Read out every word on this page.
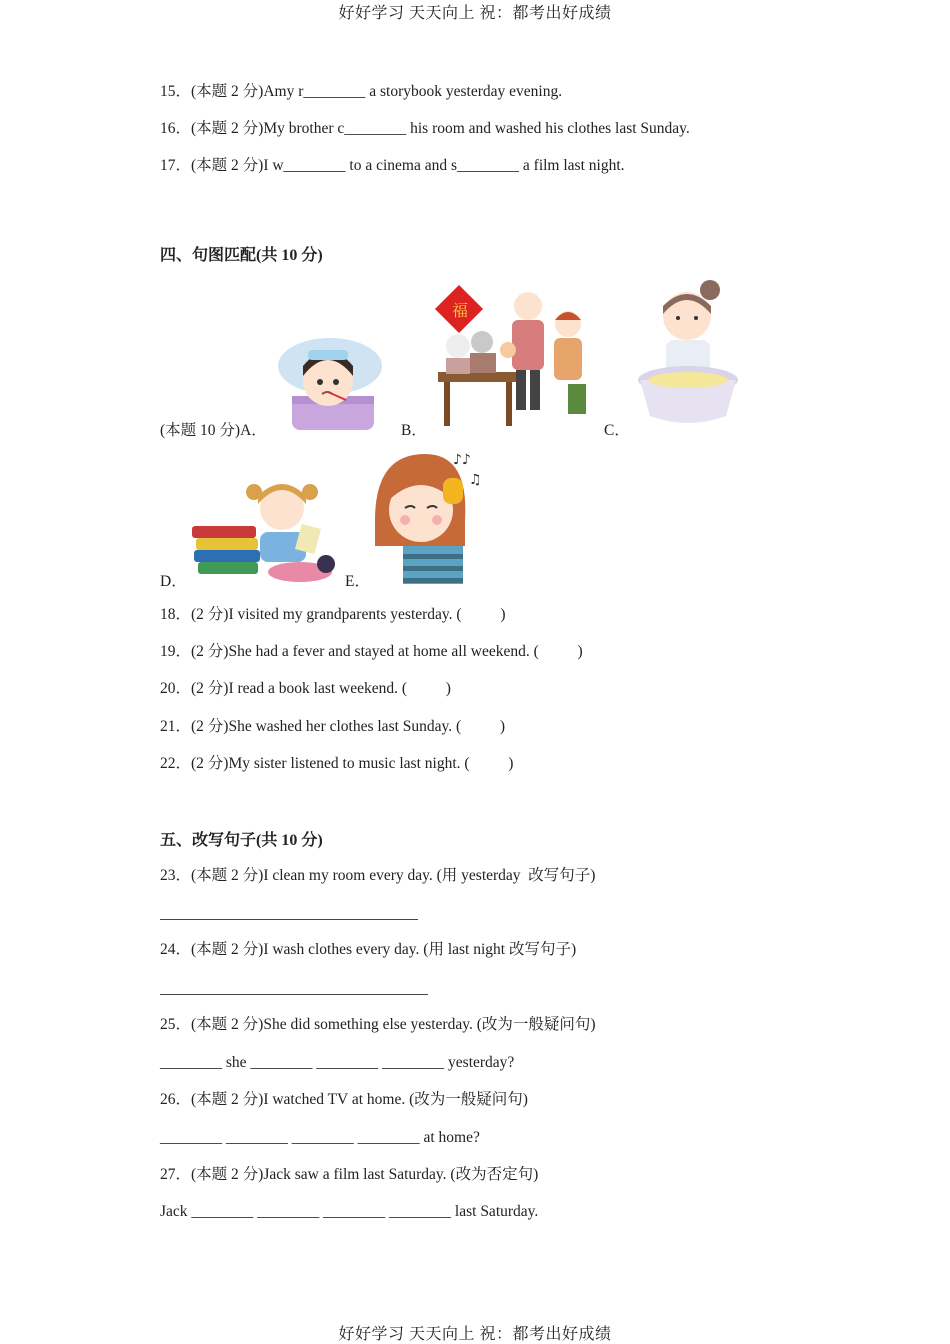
好好学习 天天向上 祝：都考出好成绩
15．(本题 2 分)Amy r________ a storybook yesterday evening.
16．(本题 2 分)My brother c________ his room and washed his clothes last Sunday.
17．(本题 2 分)I w________ to a cinema and s________ a film last night.
四、句图匹配(共 10 分)
(本题 10 分)A．	B．
福
C．
D．	E．
♪♪
♫
18．(2 分)I visited my grandparents yesterday. (          )
19．(2 分)She had a fever and stayed at home all weekend. (          )
20．(2 分)I read a book last weekend. (          )
21．(2 分)She washed her clothes last Sunday. (          )
22．(2 分)My sister listened to music last night. (          )
五、改写句子(共 10 分)
23．(本题 2 分)I clean my room every day. (用 yesterday  改写句子)
24．(本题 2 分)I wash clothes every day. (用 last night 改写句子)
25．(本题 2 分)She did something else yesterday. (改为一般疑问句)
________ she ________ ________ ________ yesterday?
26．(本题 2 分)I watched TV at home. (改为一般疑问句)
________ ________ ________ ________ at home?
27．(本题 2 分)Jack saw a film last Saturday. (改为否定句)
Jack ________ ________ ________ ________ last Saturday.
好好学习 天天向上 祝：都考出好成绩
